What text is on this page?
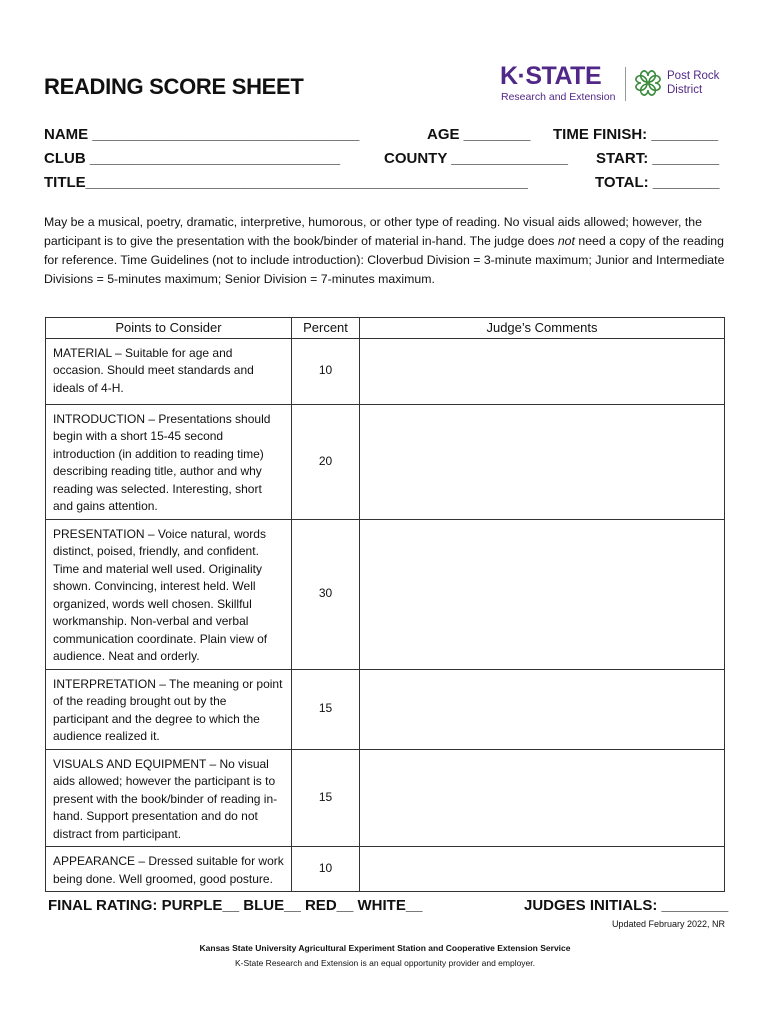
READING SCORE SHEET	K·STATE
Research and Extension
H
Post Rock
District
NAME ________________________________	AGE ________ TIME FINISH: ________
CLUB ______________________________	COUNTY ______________ START: ________
TITLE_____________________________________________________	TOTAL: ________
May be a musical, poetry, dramatic, interpretive, humorous, or other type of reading. No visual aids allowed; however, the participant is to give the presentation with the book/binder of material in-hand. The judge does not need a copy of the reading for reference. Time Guidelines (not to include introduction): Cloverbud Division = 3-minute maximum; Junior and Intermediate Divisions = 5-minutes maximum; Senior Division = 7-minutes maximum.
Points to Consider	Percent	Judge’s Comments
MATERIAL – Suitable for age and occasion. Should meet standards and ideals of 4-H.	10	
INTRODUCTION – Presentations should begin with a short 15-45 second introduction (in addition to reading time) describing reading title, author and why reading was selected. Interesting, short and gains attention.	20	
PRESENTATION – Voice natural, words distinct, poised, friendly, and confident. Time and material well used. Originality shown. Convincing, interest held. Well organized, words well chosen. Skillful workmanship. Non-verbal and verbal communication coordinate. Plain view of audience. Neat and orderly.	30	
INTERPRETATION – The meaning or point of the reading brought out by the participant and the degree to which the audience realized it.	15	
VISUALS AND EQUIPMENT – No visual aids allowed; however the participant is to present with the book/binder of reading in-hand. Support presentation and do not distract from participant.	15	
APPEARANCE – Dressed suitable for work being done. Well groomed, good posture.	10	
FINAL RATING: PURPLE__ BLUE__ RED__ WHITE__	JUDGES INITIALS: ________
Updated February 2022, NR
Kansas State University Agricultural Experiment Station and Cooperative Extension Service
K-State Research and Extension is an equal opportunity provider and employer.
